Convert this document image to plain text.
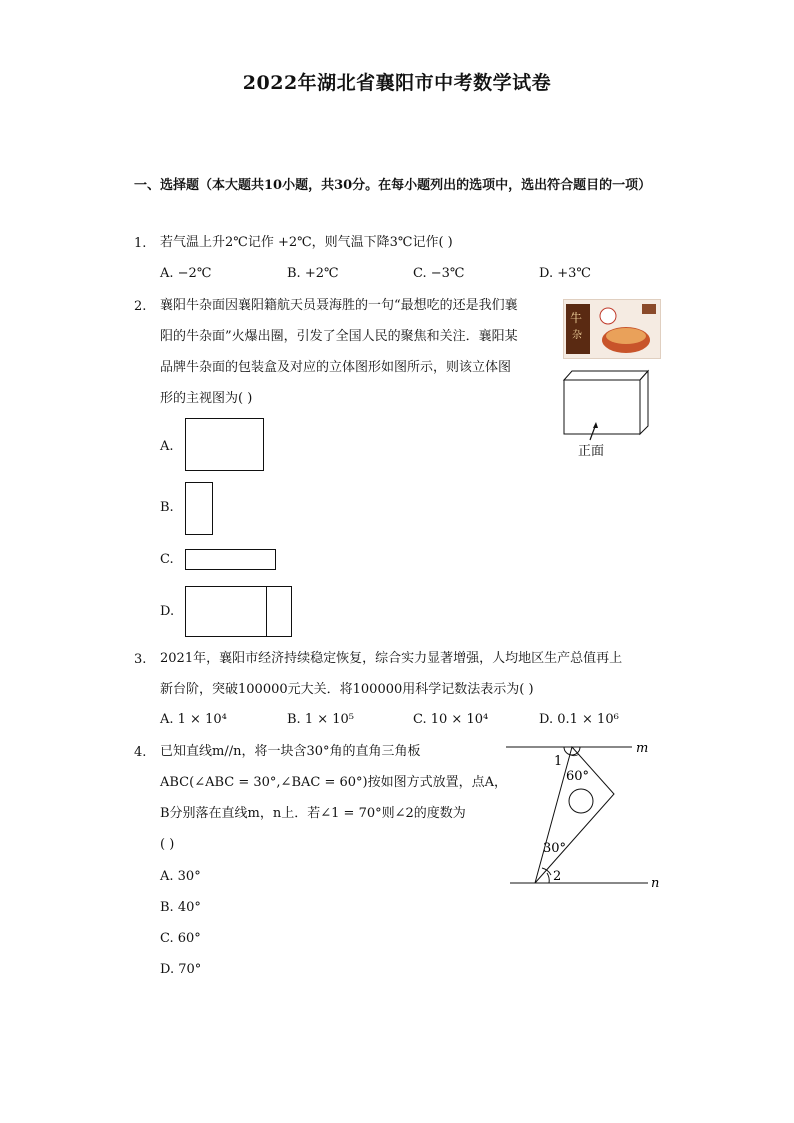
2022年湖北省襄阳市中考数学试卷
一、选择题（本大题共10小题，共30分。在每小题列出的选项中，选出符合题目的一项）
1. 若气温上升2℃记作 +2℃，则气温下降3℃记作( )
A. −2℃	B. +2℃	C. −3℃	D. +3℃
2. 襄阳牛杂面因襄阳籍航天员聂海胜的一句“最想吃的还是我们襄
阳的牛杂面”火爆出圈，引发了全国人民的聚焦和关注．襄阳某
品牌牛杂面的包装盒及对应的立体图形如图所示，则该立体图
形的主视图为( )
牛
杂
正面
A.
B.
C.
D.
3. 2021年，襄阳市经济持续稳定恢复，综合实力显著增强，人均地区生产总值再上
新台阶，突破100000元大关．将100000用科学记数法表示为( )
A. 1 × 10⁴	B. 1 × 10⁵	C. 10 × 10⁴	D. 0.1 × 10⁶
4. 已知直线m//n，将一块含30°角的直角三角板
ABC(∠ABC = 30°,∠BAC = 60°)按如图方式放置，点A，
B分别落在直线m，n上．若∠1 = 70°则∠2的度数为
( )
A. 30°
B. 40°
C. 60°
D. 70°
m
n
1
60°
30°
2
